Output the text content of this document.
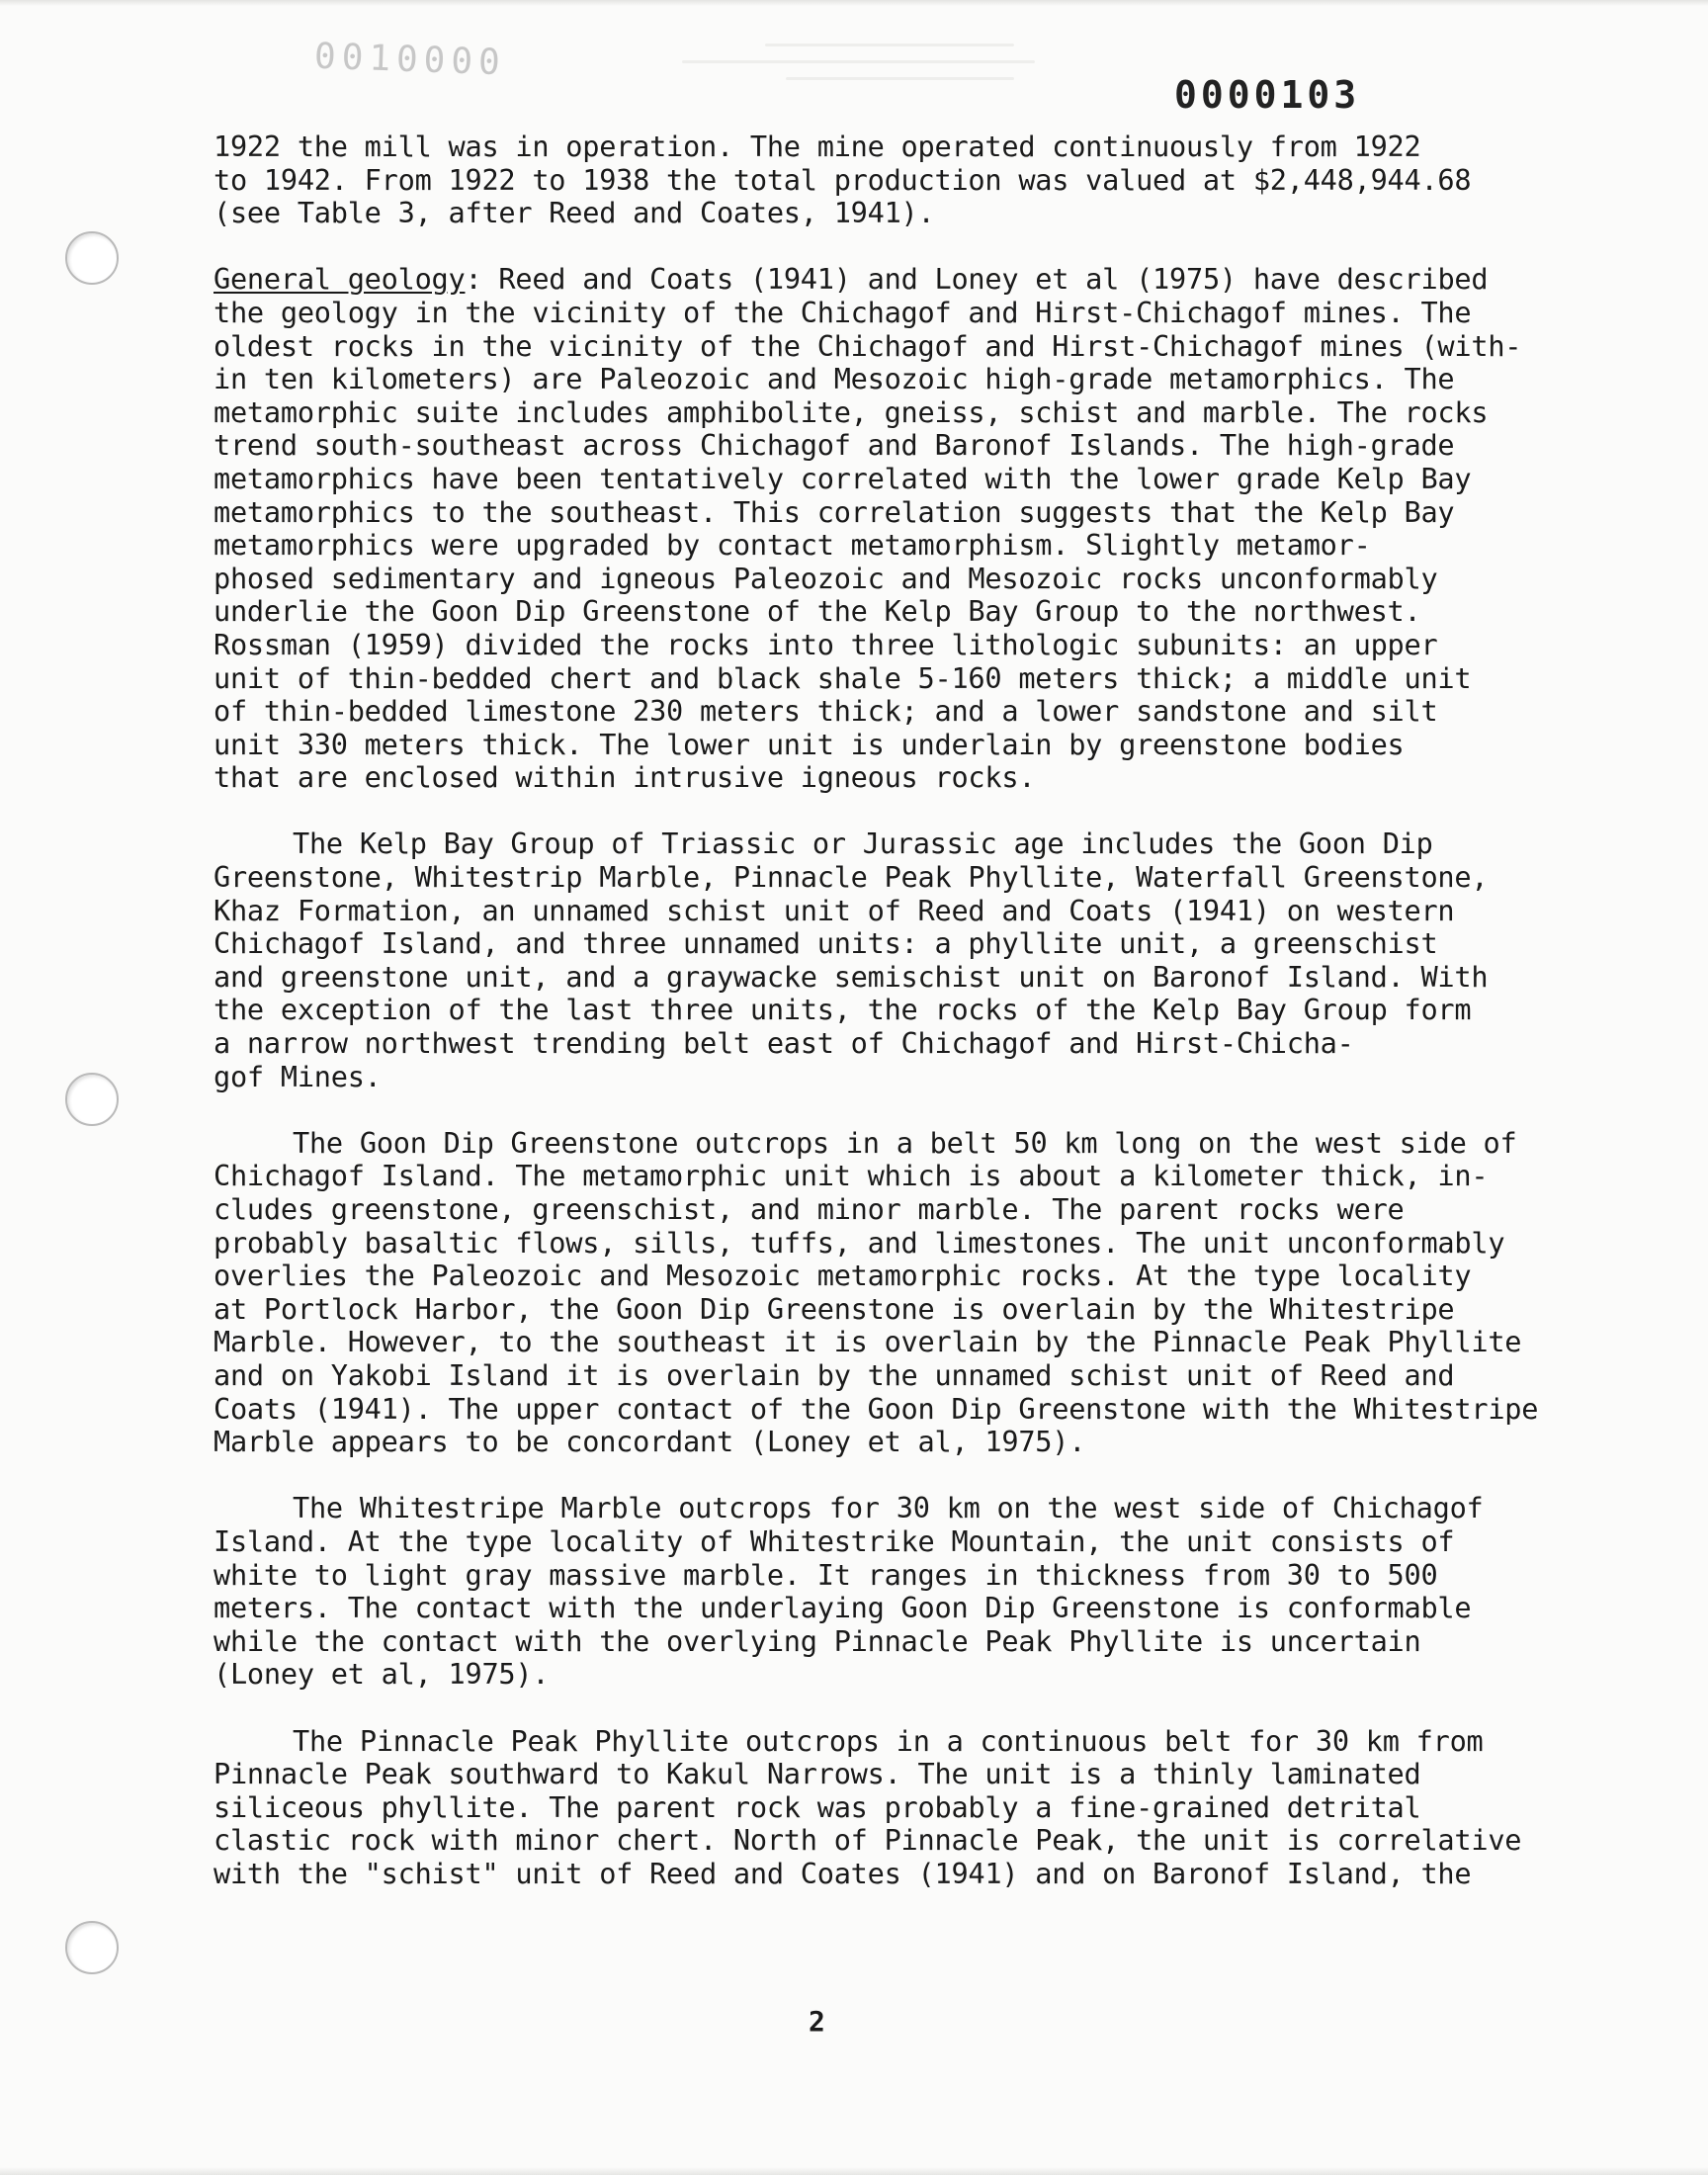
0010000
0000103

1922 the mill was in operation. The mine operated continuously from 1922
to 1942. From 1922 to 1938 the total production was valued at $2,448,944.68
(see Table 3, after Reed and Coates, 1941).

General geology: Reed and Coats (1941) and Loney et al (1975) have described
the geology in the vicinity of the Chichagof and Hirst-Chichagof mines. The
oldest rocks in the vicinity of the Chichagof and Hirst-Chichagof mines (with-
in ten kilometers) are Paleozoic and Mesozoic high-grade metamorphics. The
metamorphic suite includes amphibolite, gneiss, schist and marble. The rocks
trend south-southeast across Chichagof and Baronof Islands. The high-grade
metamorphics have been tentatively correlated with the lower grade Kelp Bay
metamorphics to the southeast. This correlation suggests that the Kelp Bay
metamorphics were upgraded by contact metamorphism. Slightly metamor-
phosed sedimentary and igneous Paleozoic and Mesozoic rocks unconformably
underlie the Goon Dip Greenstone of the Kelp Bay Group to the northwest.
Rossman (1959) divided the rocks into three lithologic subunits: an upper
unit of thin-bedded chert and black shale 5-160 meters thick; a middle unit
of thin-bedded limestone 230 meters thick; and a lower sandstone and silt
unit 330 meters thick. The lower unit is underlain by greenstone bodies
that are enclosed within intrusive igneous rocks.

The Kelp Bay Group of Triassic or Jurassic age includes the Goon Dip
Greenstone, Whitestrip Marble, Pinnacle Peak Phyllite, Waterfall Greenstone,
Khaz Formation, an unnamed schist unit of Reed and Coats (1941) on western
Chichagof Island, and three unnamed units: a phyllite unit, a greenschist
and greenstone unit, and a graywacke semischist unit on Baronof Island. With
the exception of the last three units, the rocks of the Kelp Bay Group form
a narrow northwest trending belt east of Chichagof and Hirst-Chicha-
gof Mines.

The Goon Dip Greenstone outcrops in a belt 50 km long on the west side of
Chichagof Island. The metamorphic unit which is about a kilometer thick, in-
cludes greenstone, greenschist, and minor marble. The parent rocks were
probably basaltic flows, sills, tuffs, and limestones. The unit unconformably
overlies the Paleozoic and Mesozoic metamorphic rocks. At the type locality
at Portlock Harbor, the Goon Dip Greenstone is overlain by the Whitestripe
Marble. However, to the southeast it is overlain by the Pinnacle Peak Phyllite
and on Yakobi Island it is overlain by the unnamed schist unit of Reed and
Coats (1941). The upper contact of the Goon Dip Greenstone with the Whitestripe
Marble appears to be concordant (Loney et al, 1975).

The Whitestripe Marble outcrops for 30 km on the west side of Chichagof
Island. At the type locality of Whitestrike Mountain, the unit consists of
white to light gray massive marble. It ranges in thickness from 30 to 500
meters. The contact with the underlaying Goon Dip Greenstone is conformable
while the contact with the overlying Pinnacle Peak Phyllite is uncertain
(Loney et al, 1975).

The Pinnacle Peak Phyllite outcrops in a continuous belt for 30 km from
Pinnacle Peak southward to Kakul Narrows. The unit is a thinly laminated
siliceous phyllite. The parent rock was probably a fine-grained detrital
clastic rock with minor chert. North of Pinnacle Peak, the unit is correlative
with the "schist" unit of Reed and Coates (1941) and on Baronof Island, the

2
